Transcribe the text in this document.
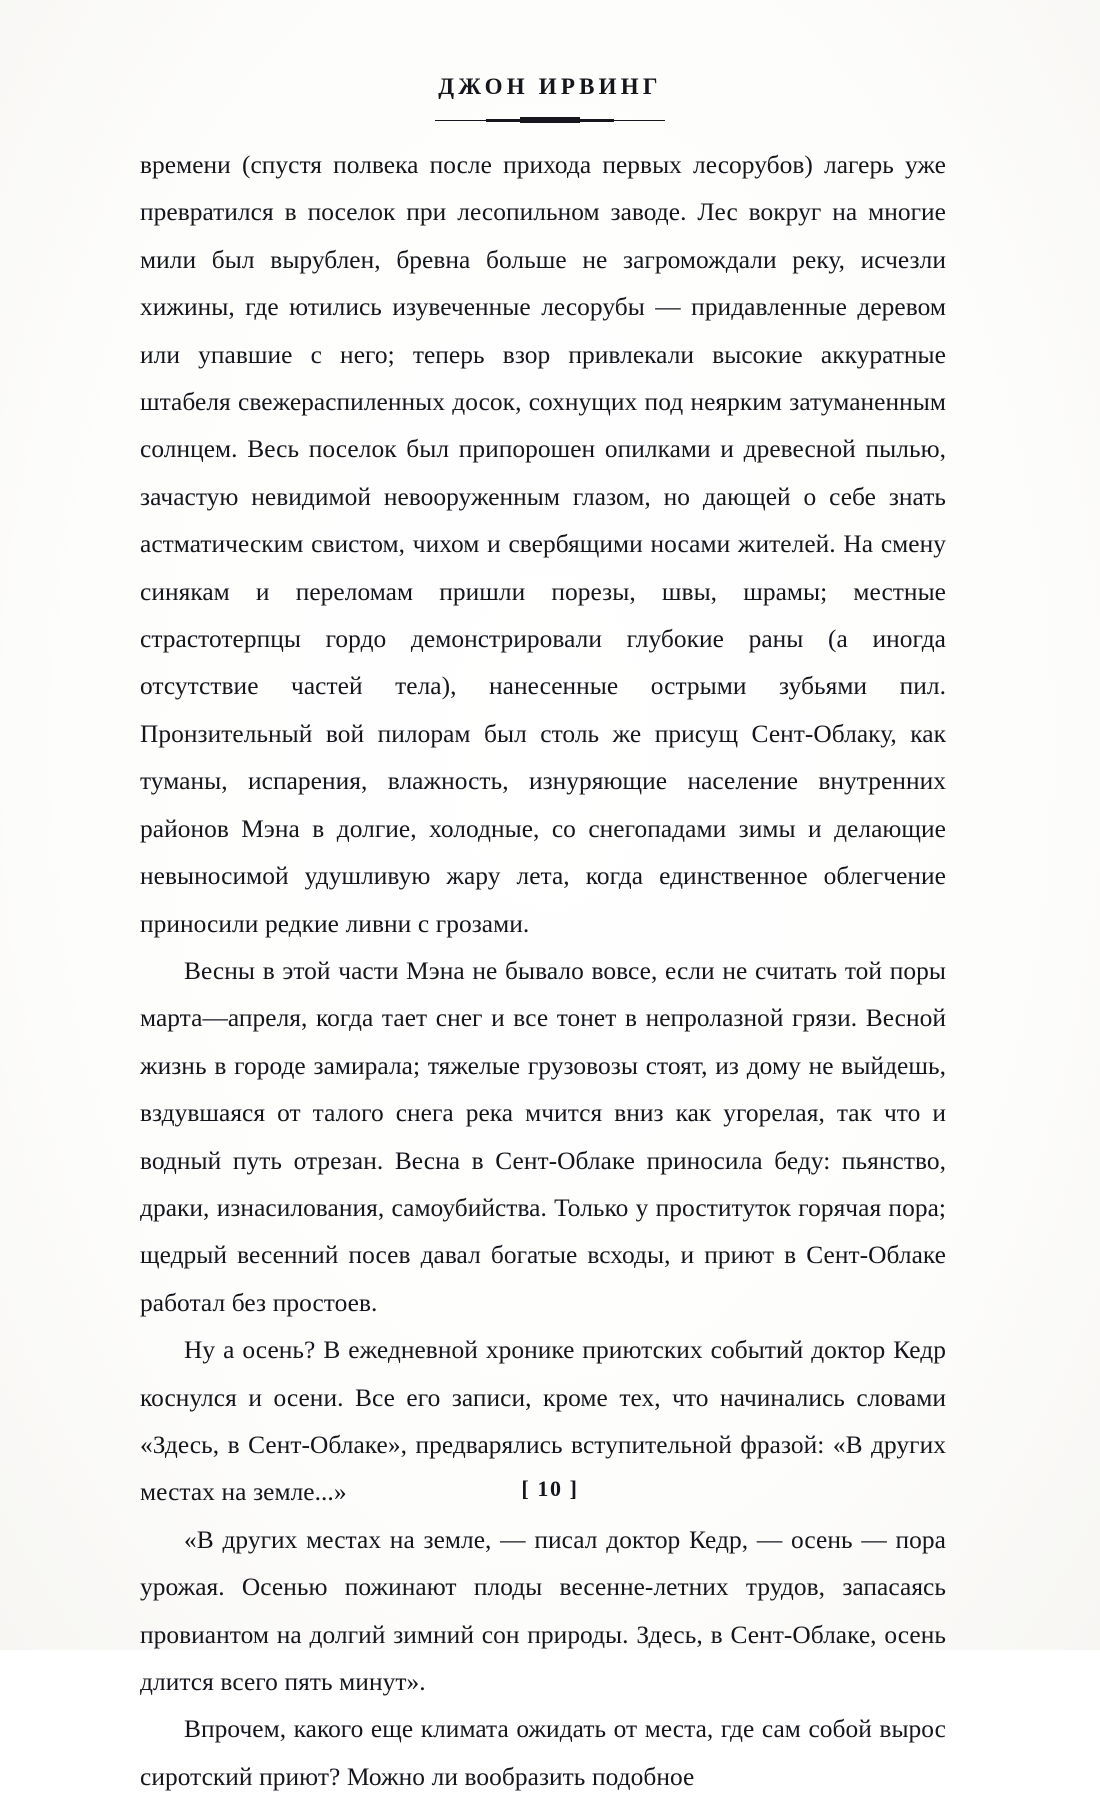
ДЖОН ИРВИНГ

времени (спустя полвека после прихода первых лесорубов) лагерь уже превратился в поселок при лесопильном заводе. Лес вокруг на многие мили был вырублен, бревна больше не загромождали реку, исчезли хижины, где ютились изувеченные лесорубы — придавленные деревом или упавшие с него; теперь взор привлекали высокие аккуратные штабеля свежераспиленных досок, сохнущих под неярким затуманенным солнцем. Весь поселок был припорошен опилками и древесной пылью, зачастую невидимой невооруженным глазом, но дающей о себе знать астматическим свистом, чихом и свербящими носами жителей. На смену синякам и переломам пришли порезы, швы, шрамы; местные страстотерпцы гордо демонстрировали глубокие раны (а иногда отсутствие частей тела), нанесенные острыми зубьями пил. Пронзительный вой пилорам был столь же присущ Сент-Облаку, как туманы, испарения, влажность, изнуряющие население внутренних районов Мэна в долгие, холодные, со снегопадами зимы и делающие невыносимой удушливую жару лета, когда единственное облегчение приносили редкие ливни с грозами.

Весны в этой части Мэна не бывало вовсе, если не считать той поры марта—апреля, когда тает снег и все тонет в непролазной грязи. Весной жизнь в городе замирала; тяжелые грузовозы стоят, из дому не выйдешь, вздувшаяся от талого снега река мчится вниз как угорелая, так что и водный путь отрезан. Весна в Сент-Облаке приносила беду: пьянство, драки, изнасилования, самоубийства. Только у проституток горячая пора; щедрый весенний посев давал богатые всходы, и приют в Сент-Облаке работал без простоев.

Ну а осень? В ежедневной хронике приютских событий доктор Кедр коснулся и осени. Все его записи, кроме тех, что начинались словами «Здесь, в Сент-Облаке», предварялись вступительной фразой: «В других местах на земле...»

«В других местах на земле, — писал доктор Кедр, — осень — пора урожая. Осенью пожинают плоды весенне-летних трудов, запасаясь провиантом на долгий зимний сон природы. Здесь, в Сент-Облаке, осень длится всего пять минут».

Впрочем, какого еще климата ожидать от места, где сам собой вырос сиротский приют? Можно ли вообразить подобное

[ 10 ]
